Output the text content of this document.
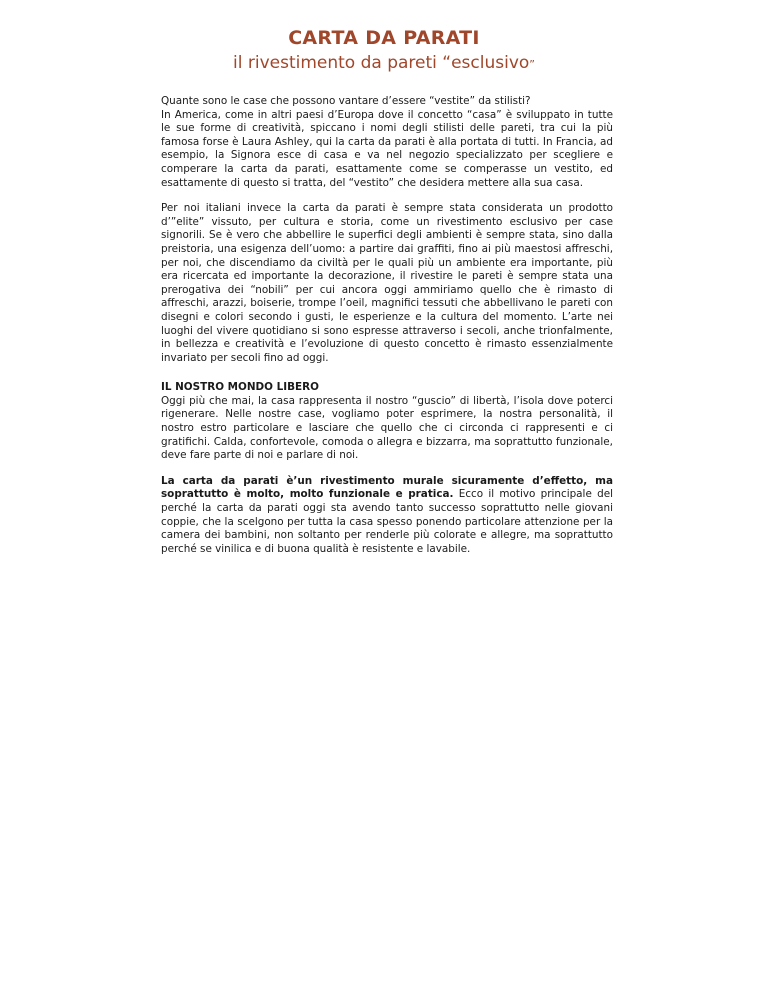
CARTA DA PARATI
il rivestimento da pareti “esclusivo”

Quante sono le case che possono vantare d’essere “vestite” da stilisti?
In America, come in altri paesi d’Europa dove il concetto “casa” è sviluppato in tutte le sue forme di creatività, spiccano i nomi degli stilisti delle pareti, tra cui la più famosa forse è Laura Ashley, qui la carta da parati è alla portata di tutti. In Francia, ad esempio, la Signora esce di casa e va nel negozio specializzato per scegliere e comperare la carta da parati, esattamente come se comperasse un vestito, ed esattamente di questo si tratta, del “vestito” che desidera mettere alla sua casa.

Per noi italiani invece la carta da parati è sempre stata considerata un prodotto d’”elite” vissuto, per cultura e storia, come un rivestimento esclusivo per case signorili. Se è vero che abbellire le superfici degli ambienti è sempre stata, sino dalla preistoria, una esigenza dell’uomo: a partire dai graffiti, fino ai più maestosi affreschi, per noi, che discendiamo da civiltà per le quali più un ambiente era importante, più era ricercata ed importante la decorazione, il rivestire le pareti è sempre stata una prerogativa dei “nobili” per cui ancora oggi ammiriamo quello che è rimasto di affreschi, arazzi, boiserie, trompe l’oeil, magnifici tessuti che abbellivano le pareti con disegni e colori secondo i gusti, le esperienze e la cultura del momento. L’arte nei luoghi del vivere quotidiano si sono espresse attraverso i secoli, anche trionfalmente, in bellezza e creatività e l’evoluzione di questo concetto è rimasto essenzialmente invariato per secoli fino ad oggi.

IL NOSTRO MONDO LIBERO

Oggi più che mai, la casa rappresenta il nostro “guscio” di libertà, l’isola dove poterci rigenerare. Nelle nostre case, vogliamo poter esprimere, la nostra personalità, il nostro estro particolare e lasciare che quello che ci circonda ci rappresenti e ci gratifichi. Calda, confortevole, comoda o allegra e bizzarra, ma soprattutto funzionale, deve fare parte di noi e parlare di noi.

La carta da parati è’un rivestimento murale sicuramente d’effetto, ma soprattutto è molto, molto funzionale e pratica. Ecco il motivo principale del perché la carta da parati oggi sta avendo tanto successo soprattutto nelle giovani coppie, che la scelgono per tutta la casa spesso ponendo particolare attenzione per la camera dei bambini, non soltanto per renderle più colorate e allegre, ma soprattutto perché se vinilica e di buona qualità è resistente e lavabile.
